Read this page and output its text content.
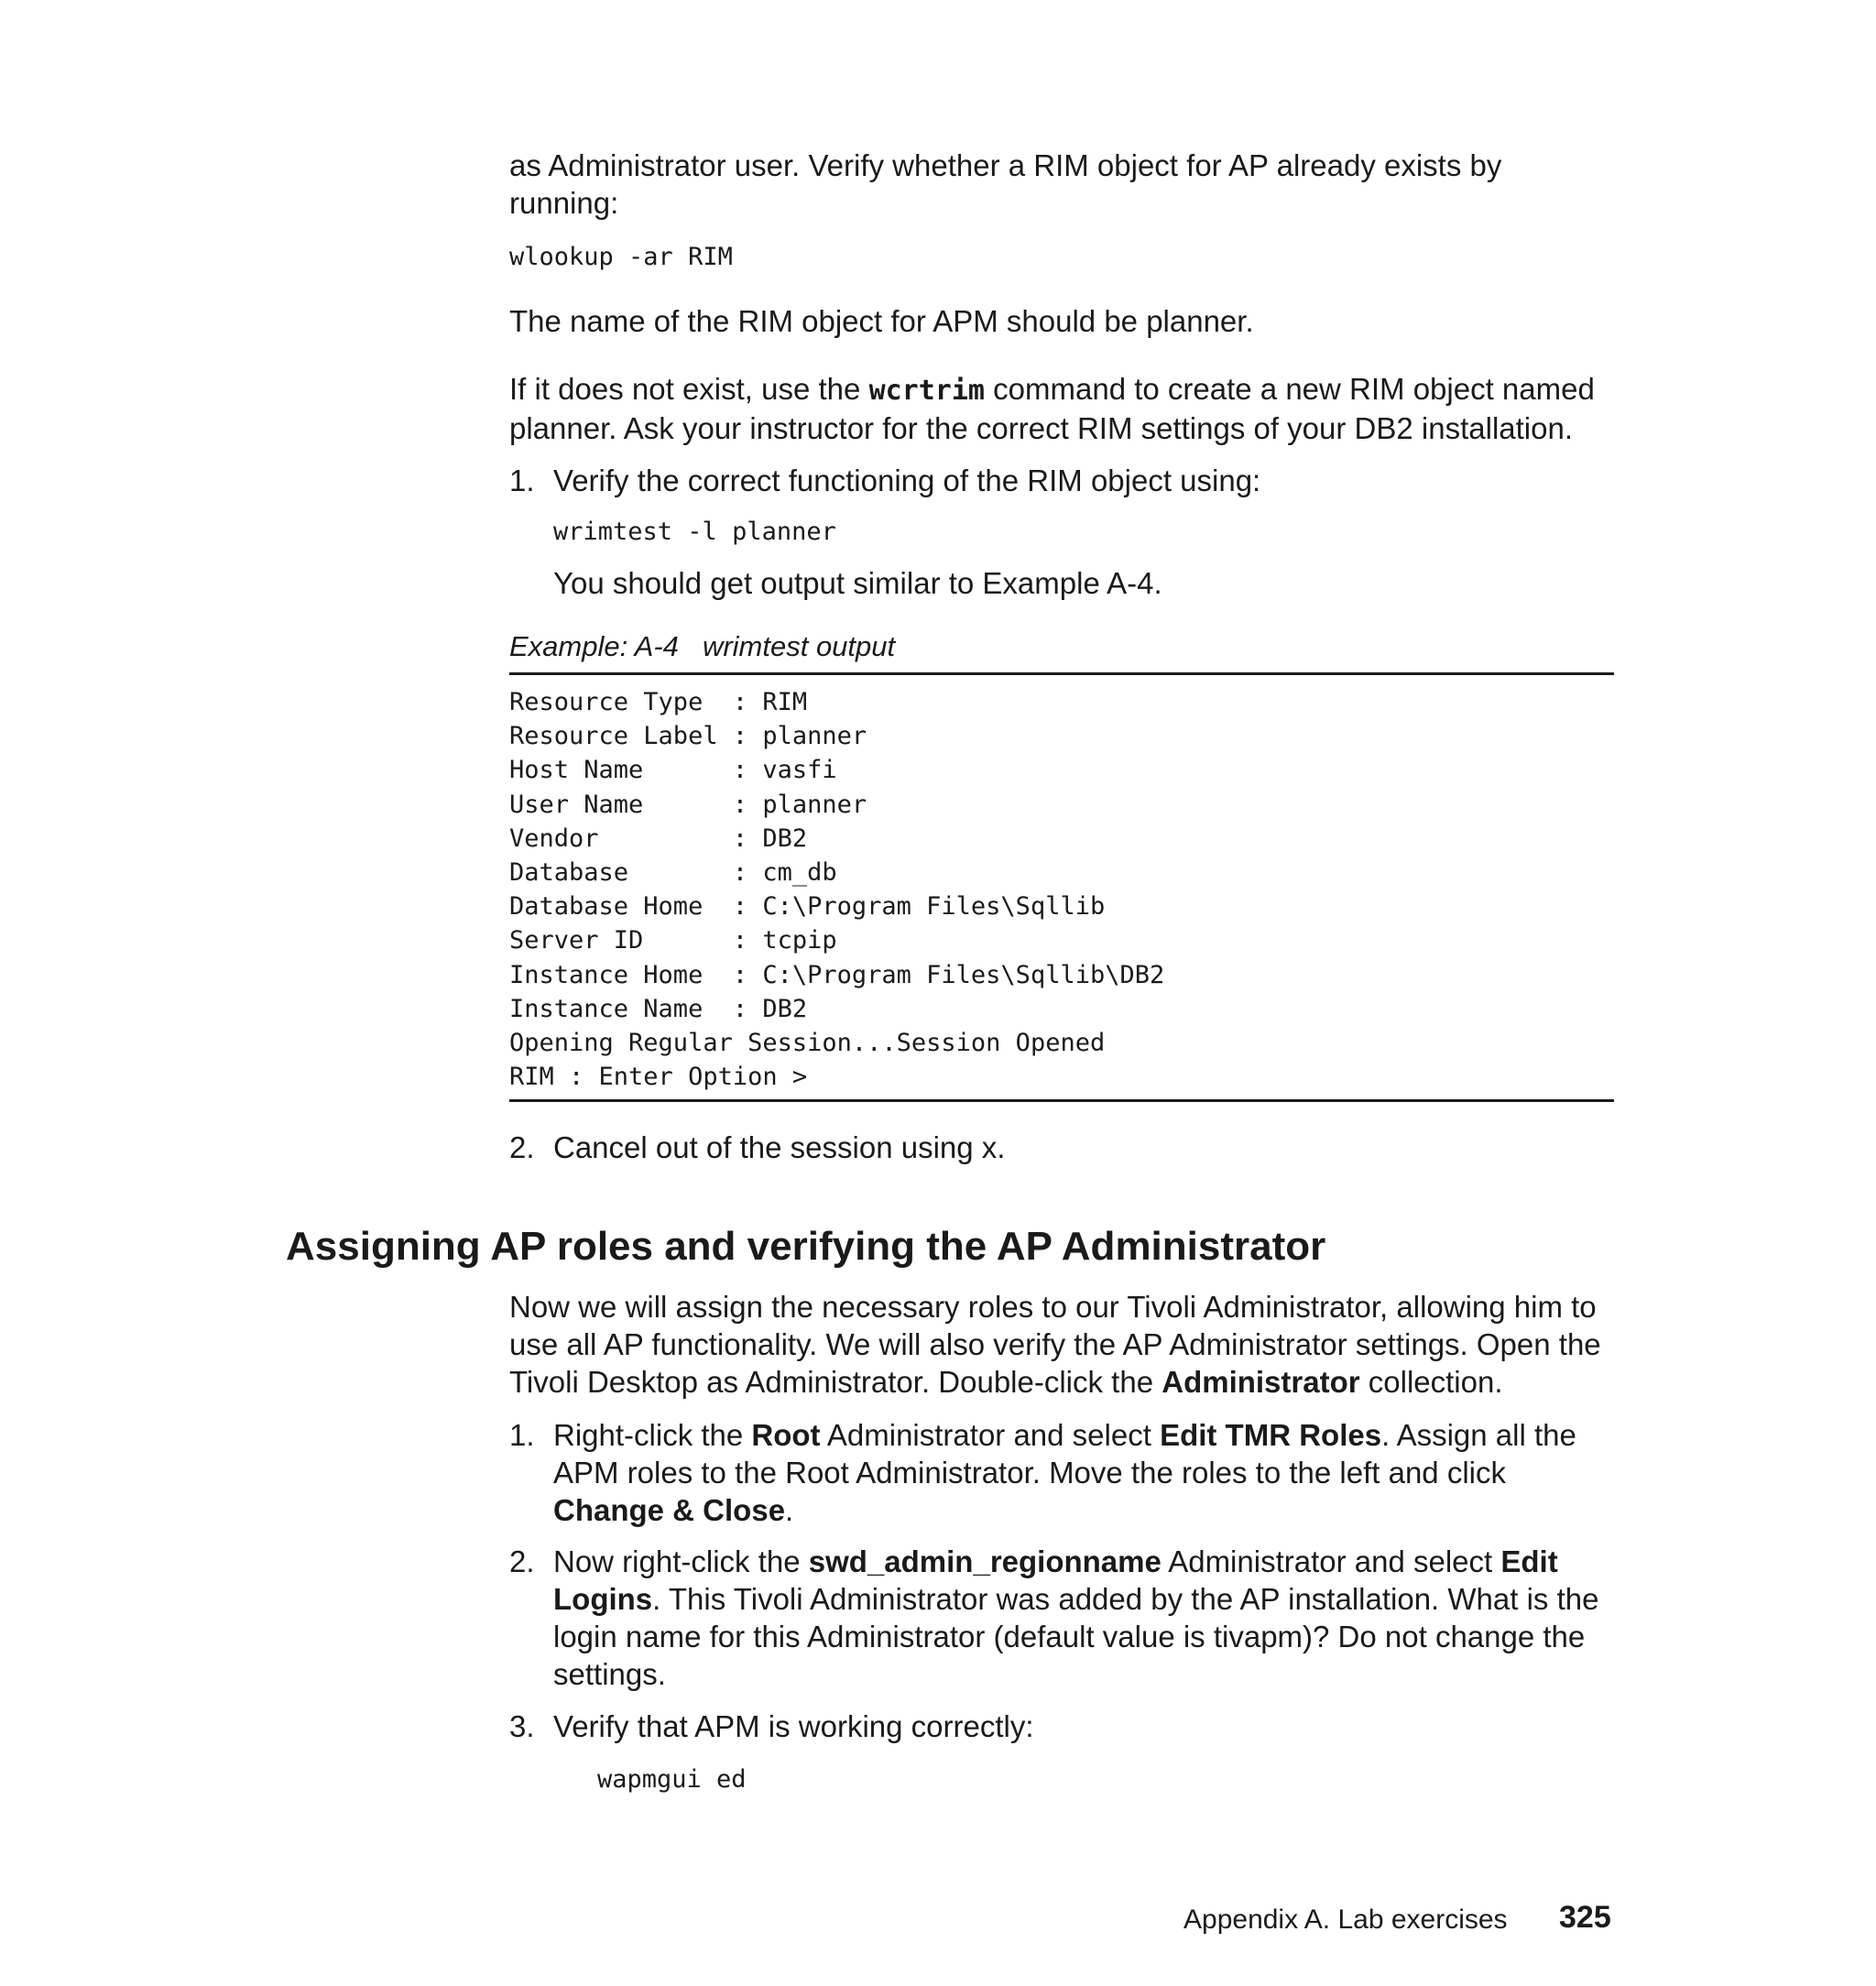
as Administrator user. Verify whether a RIM object for AP already exists by running:

wlookup -ar RIM

The name of the RIM object for APM should be planner.

If it does not exist, use the wcrtrim command to create a new RIM object named planner. Ask your instructor for the correct RIM settings of your DB2 installation.

1. Verify the correct functioning of the RIM object using:
wrimtest -l planner
You should get output similar to Example A-4.
Example: A-4 wrimtest output
Resource Type  : RIM
Resource Label : planner
Host Name      : vasfi
User Name      : planner
Vendor         : DB2
Database       : cm_db
Database Home  : C:\Program Files\Sqllib
Server ID      : tcpip
Instance Home  : C:\Program Files\Sqllib\DB2
Instance Name  : DB2
Opening Regular Session...Session Opened
RIM : Enter Option >
2. Cancel out of the session using x.
Assigning AP roles and verifying the AP Administrator

Now we will assign the necessary roles to our Tivoli Administrator, allowing him to use all AP functionality. We will also verify the AP Administrator settings. Open the Tivoli Desktop as Administrator. Double-click the Administrator collection.

1. Right-click the Root Administrator and select Edit TMR Roles. Assign all the APM roles to the Root Administrator. Move the roles to the left and click Change & Close.
2. Now right-click the swd_admin_regionname Administrator and select Edit Logins. This Tivoli Administrator was added by the AP installation. What is the login name for this Administrator (default value is tivapm)? Do not change the settings.
3. Verify that APM is working correctly:
wapmgui ed
Appendix A. Lab exercises 325
